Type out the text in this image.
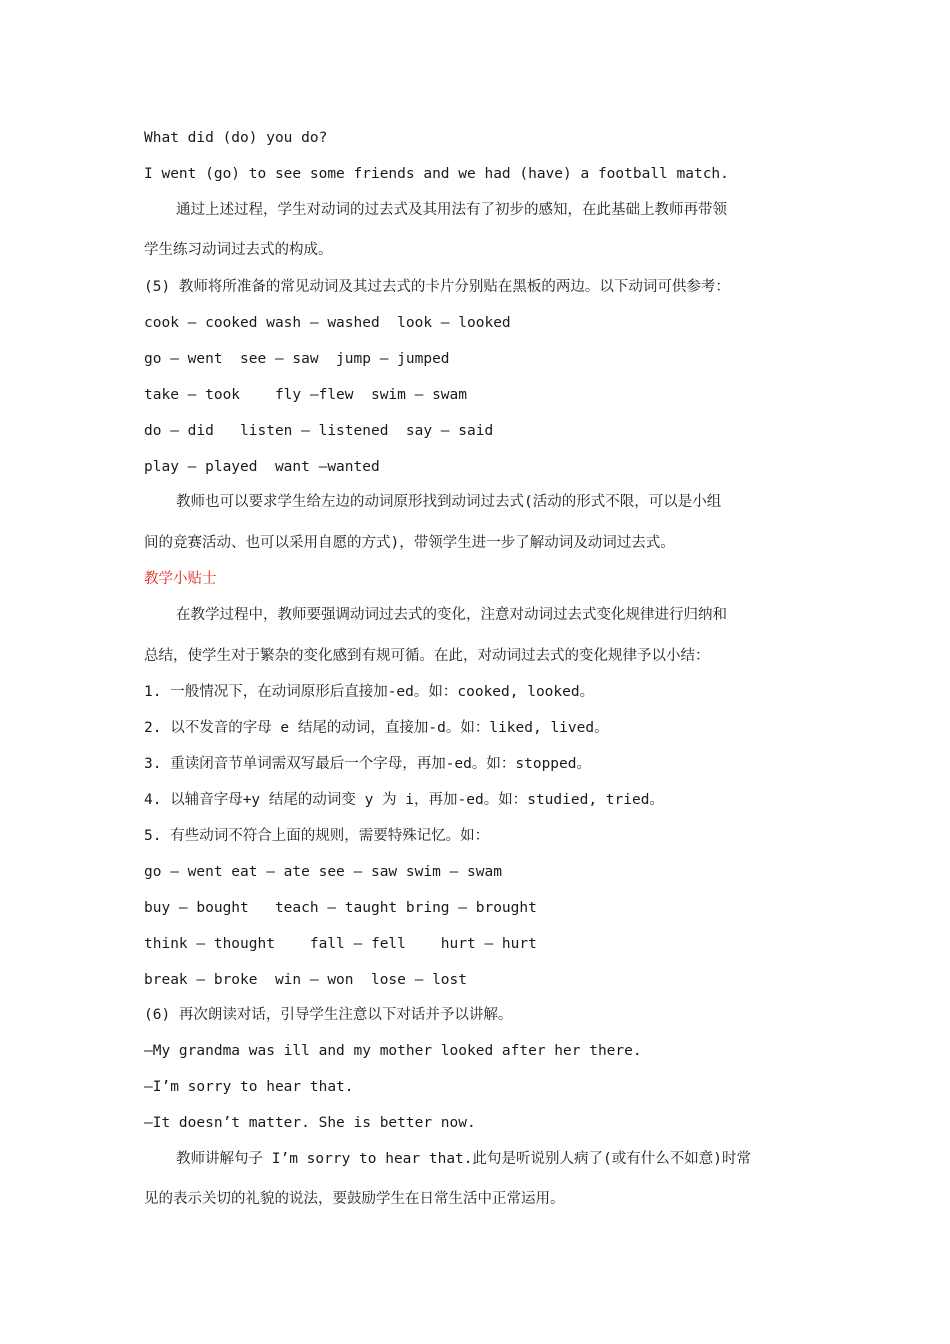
What did (do) you do?
I went (go) to see some friends and we had (have) a football match.
通过上述过程，学生对动词的过去式及其用法有了初步的感知，在此基础上教师再带领
学生练习动词过去式的构成。
(5) 教师将所准备的常见动词及其过去式的卡片分别贴在黑板的两边。以下动词可供参考：
cook — cooked wash — washed  look — looked
go — went  see — saw  jump — jumped
take — took    fly —flew  swim — swam
do — did   listen — listened  say — said
play — played  want —wanted
教师也可以要求学生给左边的动词原形找到动词过去式(活动的形式不限，可以是小组
间的竞赛活动、也可以采用自愿的方式)，带领学生进一步了解动词及动词过去式。
教学小贴士
在教学过程中，教师要强调动词过去式的变化，注意对动词过去式变化规律进行归纳和
总结，使学生对于繁杂的变化感到有规可循。在此，对动词过去式的变化规律予以小结：
1. 一般情况下，在动词原形后直接加-ed。如：cooked, looked。
2. 以不发音的字母 e 结尾的动词，直接加-d。如：liked, lived。
3. 重读闭音节单词需双写最后一个字母，再加-ed。如：stopped。
4. 以辅音字母+y 结尾的动词变 y 为 i，再加-ed。如：studied, tried。
5. 有些动词不符合上面的规则，需要特殊记忆。如：
go — went eat — ate see — saw swim — swam
buy — bought   teach — taught bring — brought
think — thought    fall — fell    hurt — hurt
break — broke  win — won  lose — lost
(6) 再次朗读对话，引导学生注意以下对话并予以讲解。
—My grandma was ill and my mother looked after her there.
—I’m sorry to hear that.
—It doesn’t matter. She is better now.
教师讲解句子 I’m sorry to hear that.此句是听说别人病了(或有什么不如意)时常
见的表示关切的礼貌的说法，要鼓励学生在日常生活中正常运用。
